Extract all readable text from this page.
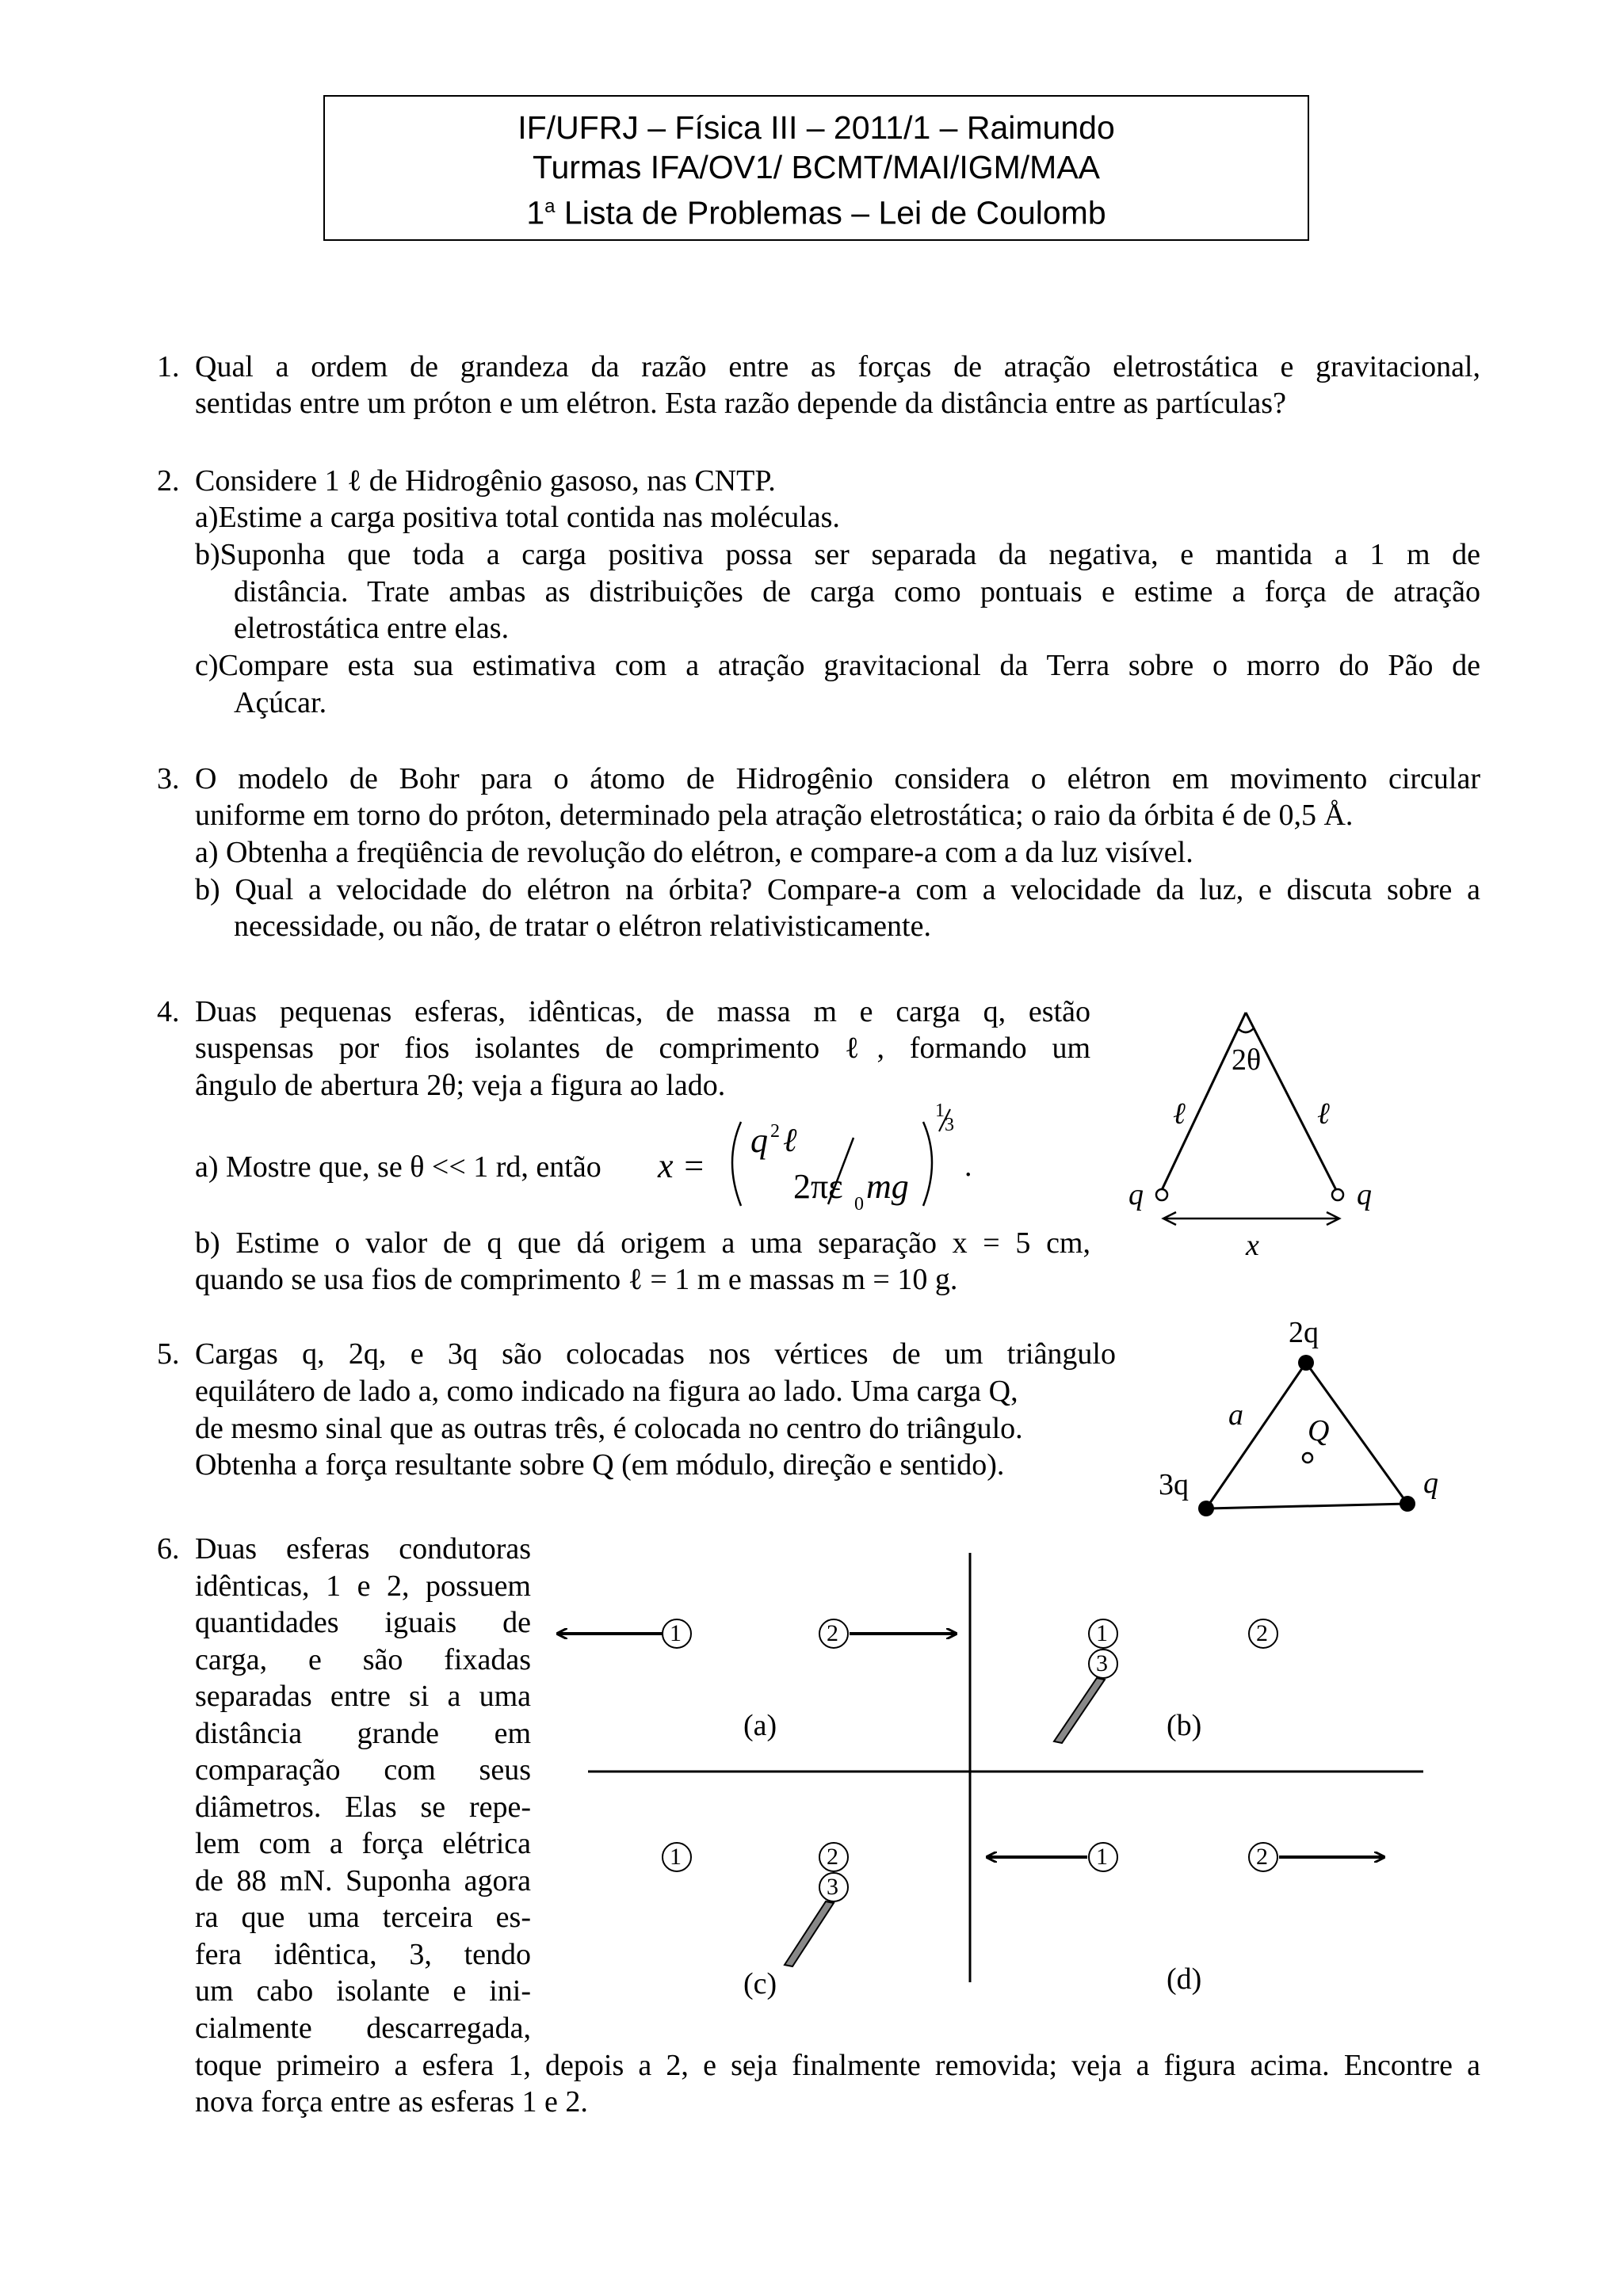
IF/UFRJ – Física III – 2011/1 – Raimundo
Turmas IFA/OV1/ BCMT/MAI/IGM/MAA
1$^a$ Lista de Problemas – Lei de Coulomb
1. Qual a ordem de grandeza da razão entre as forças de atração eletrostática e gravitacional,
sentidas entre um próton e um elétron. Esta razão depende da distância entre as partículas?
2. Considere 1 ℓ de Hidrogênio gasoso, nas CNTP.
a)Estime a carga positiva total contida nas moléculas.
b)Suponha que toda a carga positiva possa ser separada da negativa, e mantida a 1 m de
distância. Trate ambas as distribuições de carga como pontuais e estime a força de atração
eletrostática entre elas.
c)Compare esta sua estimativa com a atração gravitacional da Terra sobre o morro do Pão de
Açúcar.
3. O modelo de Bohr para o átomo de Hidrogênio considera o elétron em movimento circular
uniforme em torno do próton, determinado pela atração eletrostática; o raio da órbita é de 0,5 Å.
a) Obtenha a freqüência de revolução do elétron, e compare-a com a da luz visível.
b) Qual a velocidade do elétron na órbita? Compare-a com a velocidade da luz, e discuta sobre a
necessidade, ou não, de tratar o elétron relativisticamente.
4. Duas pequenas esferas, idênticas, de massa m e carga q, estão
suspensas por fios isolantes de comprimento ℓ, formando um
ângulo de abertura 2θ; veja a figura ao lado.
a) Mostre que, se θ << 1 rd, então x =
q 2 ℓ
2πε 0 mg
1
3
.
b) Estime o valor de q que dá origem a uma separação x = 5 cm,
quando se usa fios de comprimento ℓ = 1 m e massas m = 10 g.
2θ
ℓ	ℓ
q	q
x
5. Cargas q, 2q, e 3q são colocadas nos vértices de um triângulo
equilátero de lado a, como indicado na figura ao lado. Uma carga Q,
de mesmo sinal que as outras três, é colocada no centro do triângulo.
Obtenha a força resultante sobre Q (em módulo, direção e sentido).
2q
a Q
3q	q
6. Duas esferas condutoras
idênticas, 1 e 2, possuem
quantidades iguais de
carga, e são fixadas
separadas entre si a uma
distância grande em
comparação com seus
diâmetros. Elas se repe-
lem com a força elétrica
de 88 mN. Suponha agora
ra que uma terceira es-
fera idêntica, 3, tendo
um cabo isolante e ini-
cialmente descarregada,
toque primeiro a esfera 1, depois a 2, e seja finalmente removida; veja a figura acima. Encontre a
nova força entre as esferas 1 e 2.
1	2	1	2
3
1	2
3
1	2
(a)	(b)
(c)	(d)
